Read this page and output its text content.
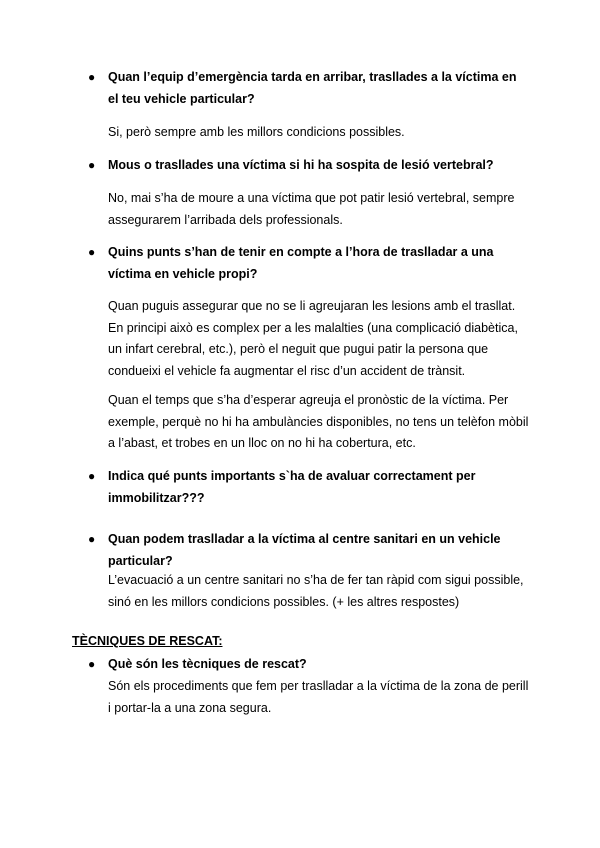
● Quan l’equip d’emergència tarda en arribar, trasllades a la víctima en el teu vehicle particular?
Si, però sempre amb les millors condicions possibles.
● Mous o trasllades una víctima si hi ha sospita de lesió vertebral?
No, mai s’ha de moure a una víctima que pot patir lesió vertebral, sempre assegurarem l’arribada dels professionals.
● Quins punts s’han de tenir en compte a l’hora de traslladar a una víctima en vehicle propi?
Quan puguis assegurar que no se li agreujaran les lesions amb el trasllat. En principi això es complex per a les malalties (una complicació diabètica, un infart cerebral, etc.), però el neguit que pugui patir la persona que condueixi el vehicle fa augmentar el risc d’un accident de trànsit.
Quan el temps que s’ha d’esperar agreuja el pronòstic de la víctima. Per exemple, perquè no hi ha ambulàncies disponibles, no tens un telèfon mòbil a l’abast, et trobes en un lloc on no hi ha cobertura, etc.
● Indica qué punts importants s`ha de avaluar correctament per immobilitzar???
● Quan podem traslladar a la víctima al centre sanitari en un vehicle particular?
L’evacuació a un centre sanitari no s’ha de fer tan ràpid com sigui possible, sinó en les millors condicions possibles. (+ les altres respostes)
TÈCNIQUES DE RESCAT:
● Què són les tècniques de rescat?
Són els procediments que fem per traslladar a la víctima de la zona de perill i portar-la a una zona segura.
